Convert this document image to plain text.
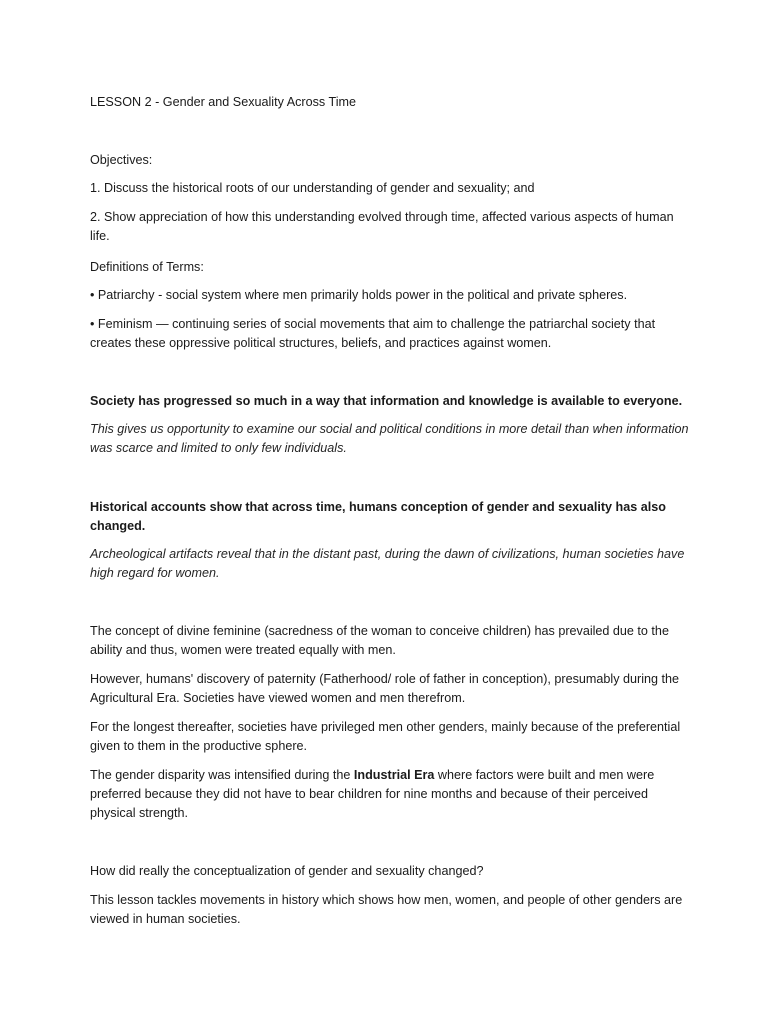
LESSON 2 - Gender and Sexuality Across Time

Objectives:

1. Discuss the historical roots of our understanding of gender and sexuality; and

2. Show appreciation of how this understanding evolved through time, affected various aspects of human life.

Definitions of Terms:

• Patriarchy - social system where men primarily holds power in the political and private spheres.

• Feminism — continuing series of social movements that aim to challenge the patriarchal society that creates these oppressive political structures, beliefs, and practices against women.

Society has progressed so much in a way that information and knowledge is available to everyone.

This gives us opportunity to examine our social and political conditions in more detail than when information was scarce and limited to only few individuals.

Historical accounts show that across time, humans conception of gender and sexuality has also changed.

Archeological artifacts reveal that in the distant past, during the dawn of civilizations, human societies have high regard for women.

The concept of divine feminine (sacredness of the woman to conceive children) has prevailed due to the ability and thus, women were treated equally with men.

However, humans' discovery of paternity (Fatherhood/ role of father in conception), presumably during the Agricultural Era. Societies have viewed women and men therefrom.

For the longest thereafter, societies have privileged men other genders, mainly because of the preferential given to them in the productive sphere.

The gender disparity was intensified during the Industrial Era where factors were built and men were preferred because they did not have to bear children for nine months and because of their perceived physical strength.

How did really the conceptualization of gender and sexuality changed?

This lesson tackles movements in history which shows how men, women, and people of other genders are viewed in human societies.
